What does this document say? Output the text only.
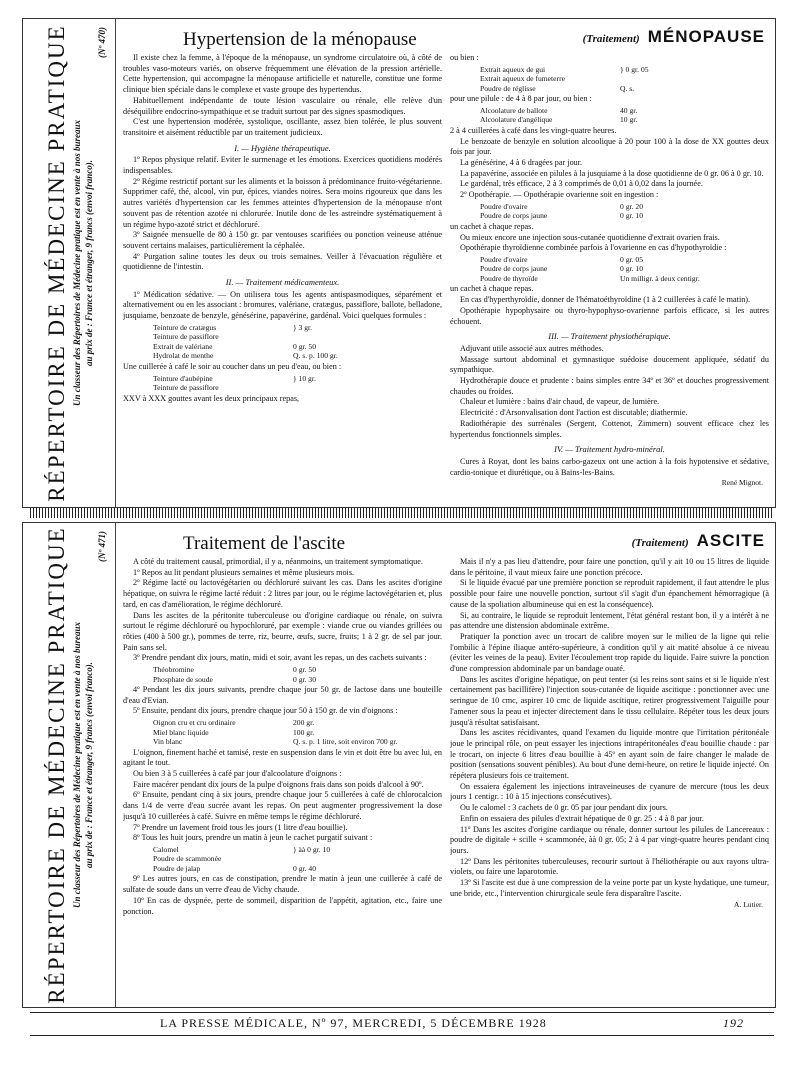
(Nº 470)
RÉPERTOIRE DE MÉDECINE PRATIQUE Un classeur des Répertoires de Médecine pratique est en vente à nos bureaux au prix de : France et étranger, 9 francs (envoi franco).
Hypertension de la ménopause	(Traitement) MÉNOPAUSE

Il existe chez la femme, à l'époque de la ménopause, un syndrome circulatoire où, à côté de troubles vaso-moteurs variés, on observe fréquemment une élévation de la pression artérielle. Cette hypertension, qui accompagne la ménopause artificielle et naturelle, constitue une forme clinique bien spéciale dans le complexe et vaste groupe des hypertendus.

Habituellement indépendante de toute lésion vasculaire ou rénale, elle relève d'un déséquilibre endocrino-sympathique et se traduit surtout par des signes spasmodiques.

C'est une hypertension modérée, systolique, oscillante, assez bien tolérée, le plus souvent transitoire et aisément réductible par un traitement judicieux.

I. — Hygiène thérapeutique.

1º Repos physique relatif. Eviter le surmenage et les émotions. Exercices quotidiens modérés indispensables.

2º Régime restrictif portant sur les aliments et la boisson à prédominance fruito-végétarienne. Supprimer café, thé, alcool, vin pur, épices, viandes noires. Sera moins rigoureux que dans les autres variétés d'hypertension car les femmes atteintes d'hypertension de la ménopause n'ont souvent pas de rétention azotée ni chlorurée. Inutile donc de les astreindre systématiquement à un régime hypo-azoté strict et déchloruré.

3º Saignée mensuelle de 80 à 150 gr. par ventouses scarifiées ou ponction veineuse atténue souvent certains malaises, particulièrement la céphalée.

4º Purgation saline toutes les deux ou trois semaines. Veiller à l'évacuation régulière et quotidienne de l'intestin.

II. — Traitement médicamenteux.

1º Médication sédative. — On utilisera tous les agents antispasmodiques, séparément et alternativement ou en les associant : bromures, valériane, cratægus, passiflore, ballote, belladone, jusquiame, benzoate de benzyle, génésérine, papavérine, gardénal. Voici quelques formules :

Teinture de cratægus	} 3 gr.
Teinture de passiflore
Extrait de valériane	0 gr. 50
Hydrolat de menthe	Q. s. p. 100 gr.

Une cuillerée à café le soir au coucher dans un peu d'eau, ou bien :

Teinture d'aubépine	} 10 gr.
Teinture de passiflore

XXV à XXX gouttes avant les deux principaux repas,

ou bien :

Extrait aqueux de gui	} 0 gr. 05
Extrait aqueux de fumeterre
Poudre de réglisse	Q. s.

pour une pilule : de 4 à 8 par jour, ou bien :

Alcoolature de ballote	40 gr.
Alcoolature d'angélique	10 gr.

2 à 4 cuillerées à café dans les vingt-quatre heures.

Le benzoate de benzyle en solution alcoolique à 20 pour 100 à la dose de XX gouttes deux fois par jour.

La génésérine, 4 à 6 dragées par jour.

La papavérine, associée en pilules à la jusquiame à la dose quotidienne de 0 gr. 06 à 0 gr. 10.

Le gardénal, très efficace, 2 à 3 comprimés de 0,01 à 0,02 dans la journée.

2º Opothérapie. — Opothérapie ovarienne soit en ingestion :

Poudre d'ovaire	0 gr. 20
Poudre de corps jaune	0 gr. 10

un cachet à chaque repas.

Ou mieux encore une injection sous-cutanée quotidienne d'extrait ovarien frais.

Opothérapie thyroïdienne combinée parfois à l'ovarienne en cas d'hypothyroïdie :

Poudre d'ovaire	0 gr. 05
Poudre de corps jaune	0 gr. 10
Poudre de thyroïde	Un milligr. à deux centigr.

un cachet à chaque repas.

En cas d'hyperthyroïdie, donner de l'hématoéthyroïdine (1 à 2 cuillerées à café le matin).

Opothérapie hypophysaire ou thyro-hypophyso-ovarienne parfois efficace, si les autres échouent.

III. — Traitement physiothérapique.

Adjuvant utile associé aux autres méthodes.

Massage surtout abdominal et gymnastique suédoise doucement appliquée, sédatif du sympathique.

Hydrothérapie douce et prudente : bains simples entre 34º et 36º et douches progressivement chaudes ou froides.

Chaleur et lumière : bains d'air chaud, de vapeur, de lumière.

Electricité : d'Arsonvalisation dont l'action est discutable; diathermie.

Radiothérapie des surrénales (Sergent, Cottenot, Zimmern) souvent efficace chez les hypertendus fonctionnels simples.

IV. — Traitement hydro-minéral.

Cures à Royat, dont les bains carbo-gazeux ont une action à la fois hypotensive et sédative, cardio-tonique et diurétique, ou à Bains-les-Bains.

René Mignot.
(Nº 471)
RÉPERTOIRE DE MÉDECINE PRATIQUE Un classeur des Répertoires de Médecine pratique est en vente à nos bureaux au prix de : France et étranger, 9 francs (envoi franco).
Traitement de l'ascite	(Traitement) ASCITE

A côté du traitement causal, primordial, il y a, néanmoins, un traitement symptomatique.

1º Repos au lit pendant plusieurs semaines et même plusieurs mois.

2º Régime lacté ou lactovégétarien ou déchloruré suivant les cas. Dans les ascites d'origine hépatique, on suivra le régime lacté réduit : 2 litres par jour, ou le régime lactovégétarien et, plus tard, en cas d'amélioration, le régime déchloruré.

Dans les ascites de la péritonite tuberculeuse ou d'origine cardiaque ou rénale, on suivra surtout le régime déchloruré ou hypochloruré, par exemple : viande crue ou viandes grillées ou rôties (400 à 500 gr.), pommes de terre, riz, beurre, œufs, sucre, fruits; 1 à 2 gr. de sel par jour. Pain sans sel.

3º Prendre pendant dix jours, matin, midi et soir, avant les repas, un des cachets suivants :

Théobromine	0 gr. 50
Phosphate de soude	0 gr. 30

4º Pendant les dix jours suivants, prendre chaque jour 50 gr. de lactose dans une bouteille d'eau d'Evian.

5º Ensuite, pendant dix jours, prendre chaque jour 50 à 150 gr. de vin d'oignons :

Oignon cru et cru ordinaire	200 gr.
Miel blanc liquide	100 gr.
Vin blanc	Q. s. p. 1 litre, soit environ 700 gr.

L'oignon, finement haché et tamisé, reste en suspension dans le vin et doit être bu avec lui, en agitant le tout.

Ou bien 3 à 5 cuillerées à café par jour d'alcoolature d'oignons :

Faire macérer pendant dix jours de la pulpe d'oignons frais dans son poids d'alcool à 90º.

6º Ensuite, pendant cinq à six jours, prendre chaque jour 5 cuillerées à café de chlorocalcion dans 1/4 de verre d'eau sucrée avant les repas. On peut augmenter progressivement la dose jusqu'à 10 cuillerées à café. Suivre en même temps le régime déchloruré.

7º Prendre un lavement froid tous les jours (1 litre d'eau bouillie).

8º Tous les huit jours, prendre un matin à jeun le cachet purgatif suivant :

Calomel	} àà 0 gr. 10
Poudre de scammonée
Poudre de jalap	0 gr. 40

9º Les autres jours, en cas de constipation, prendre le matin à jeun une cuillerée à café de sulfate de soude dans un verre d'eau de Vichy chaude.

10º En cas de dyspnée, perte de sommeil, disparition de l'appétit, agitation, etc., faire une ponction.

Mais il n'y a pas lieu d'attendre, pour faire une ponction, qu'il y ait 10 ou 15 litres de liquide dans le péritoine, il vaut mieux faire une ponction précoce.

Si le liquide évacué par une première ponction se reproduit rapidement, il faut attendre le plus possible pour faire une nouvelle ponction, surtout s'il s'agit d'un épanchement hémorragique (à cause de la spoliation albumineuse qui en est la conséquence).

Si, au contraire, le liquide se reproduit lentement, l'état général restant bon, il y a intérêt à ne pas attendre une distension abdominale extrême.

Pratiquer la ponction avec un trocart de calibre moyen sur le milieu de la ligne qui relie l'ombilic à l'épine iliaque antéro-supérieure, à condition qu'il y ait matité absolue à ce niveau (éviter les veines de la peau). Eviter l'écoulement trop rapide du liquide. Faire suivre la ponction d'une compression abdominale par un bandage ouaté.

Dans les ascites d'origine hépatique, on peut tenter (si les reins sont sains et si le liquide n'est certainement pas bacillifère) l'injection sous-cutanée de liquide ascitique : ponctionner avec une seringue de 10 cmc, aspirer 10 cmc de liquide ascitique, retirer progressivement l'aiguille pour l'amener sous la peau et injecter directement dans le tissu cellulaire. Répéter tous les deux jours jusqu'à résultat satisfaisant.

Dans les ascites récidivantes, quand l'examen du liquide montre que l'irritation péritonéale joue le principal rôle, on peut essayer les injections intrapéritonéales d'eau bouillie chaude : par le trocart, on injecte 6 litres d'eau bouillie à 45º en ayant soin de faire changer le malade de position (sensations souvent pénibles). Au bout d'une demi-heure, on retire le liquide injecté. On répétera plusieurs fois ce traitement.

On essaiera également les injections intraveineuses de cyanure de mercure (tous les deux jours 1 centigr. : 10 à 15 injections consécutives).

Ou le calomel : 3 cachets de 0 gr. 05 par jour pendant dix jours.

Enfin on essaiera des pilules d'extrait hépatique de 0 gr. 25 : 4 à 8 par jour.

11º Dans les ascites d'origine cardiaque ou rénale, donner surtout les pilules de Lancereaux : poudre de digitale + scille + scammonée, àà 0 gr. 05; 2 à 4 par vingt-quatre heures pendant cinq jours.

12º Dans les péritonites tuberculeuses, recourir surtout à l'héliothérapie ou aux rayons ultra-violets, ou faire une laparotomie.

13º Si l'ascite est due à une compression de la veine porte par un kyste hydatique, une tumeur, une bride, etc., l'intervention chirurgicale seule fera disparaître l'ascite.

A. Lutier.
LA PRESSE MÉDICALE, Nº 97, MERCREDI, 5 DÉCEMBRE 1928	192
